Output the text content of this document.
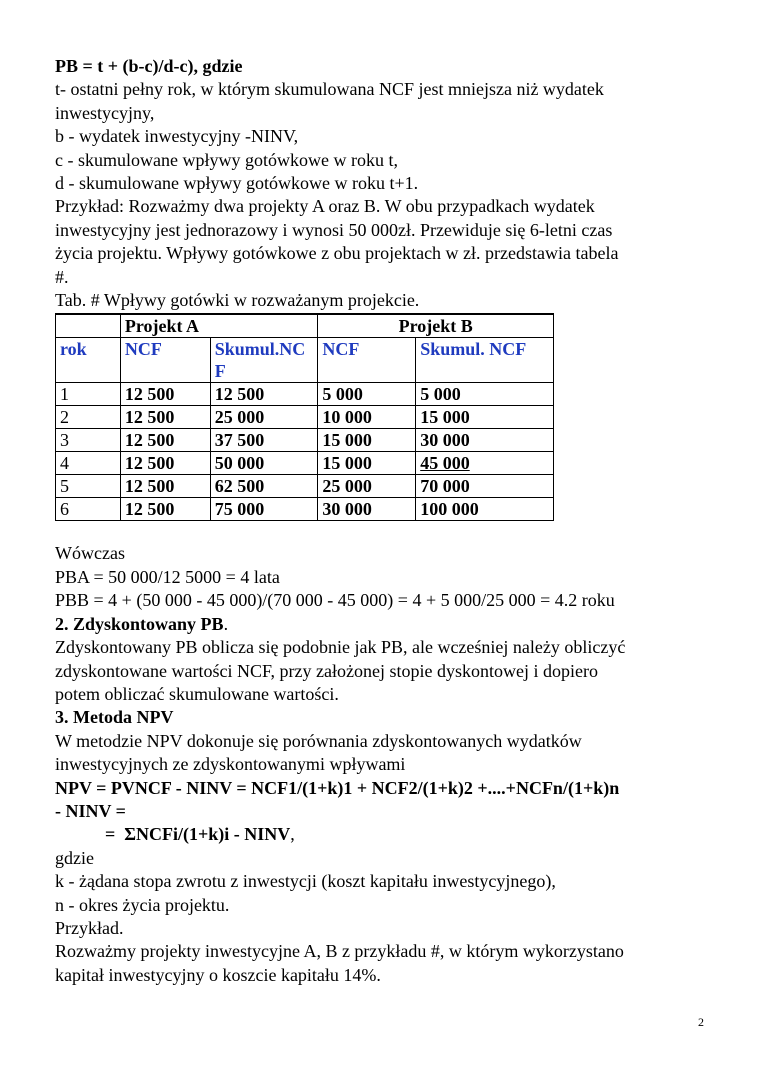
PB = t + (b-c)/d-c), gdzie
t- ostatni pełny rok, w którym skumulowana NCF jest mniejsza niż wydatek
inwestycyjny,
b - wydatek inwestycyjny -NINV,
c - skumulowane wpływy gotówkowe w roku t,
d - skumulowane wpływy gotówkowe w roku t+1.
Przykład: Rozważmy dwa projekty A oraz B. W obu przypadkach wydatek
inwestycyjny jest jednorazowy i wynosi 50 000zł. Przewiduje się 6-letni czas
życia projektu. Wpływy gotówkowe z obu projektach w zł. przedstawia tabela
#.
Tab. # Wpływy gotówki w rozważanym projekcie.
	Projekt A		Projekt B	
rok	NCF	Skumul.NCF	NCF	Skumul. NCF
1	12 500	12 500	5 000	5 000
2	12 500	25 000	10 000	15 000
3	12 500	37 500	15 000	30 000
4	12 500	50 000	15 000	45 000
5	12 500	62 500	25 000	70 000
6	12 500	75 000	30 000	100 000
Wówczas
PBA = 50 000/12 5000 = 4 lata
PBB = 4 + (50 000 - 45 000)/(70 000 - 45 000) = 4 + 5 000/25 000 = 4.2 roku
2. Zdyskontowany PB.
Zdyskontowany PB oblicza się podobnie jak PB, ale wcześniej należy obliczyć
zdyskontowane wartości NCF, przy założonej stopie dyskontowej i dopiero
potem obliczać skumulowane wartości.
3. Metoda NPV
W metodzie NPV dokonuje się porównania zdyskontowanych wydatków
inwestycyjnych ze zdyskontowanymi wpływami
NPV = PVNCF - NINV = NCF1/(1+k)1 + NCF2/(1+k)2 +....+NCFn/(1+k)n
- NINV =
= ΣNCFi/(1+k)i - NINV,
gdzie
k - żądana stopa zwrotu z inwestycji (koszt kapitału inwestycyjnego),
n - okres życia projektu.
Przykład.
Rozważmy projekty inwestycyjne A, B z przykładu #, w którym wykorzystano
kapitał inwestycyjny o koszcie kapitału 14%.
2
